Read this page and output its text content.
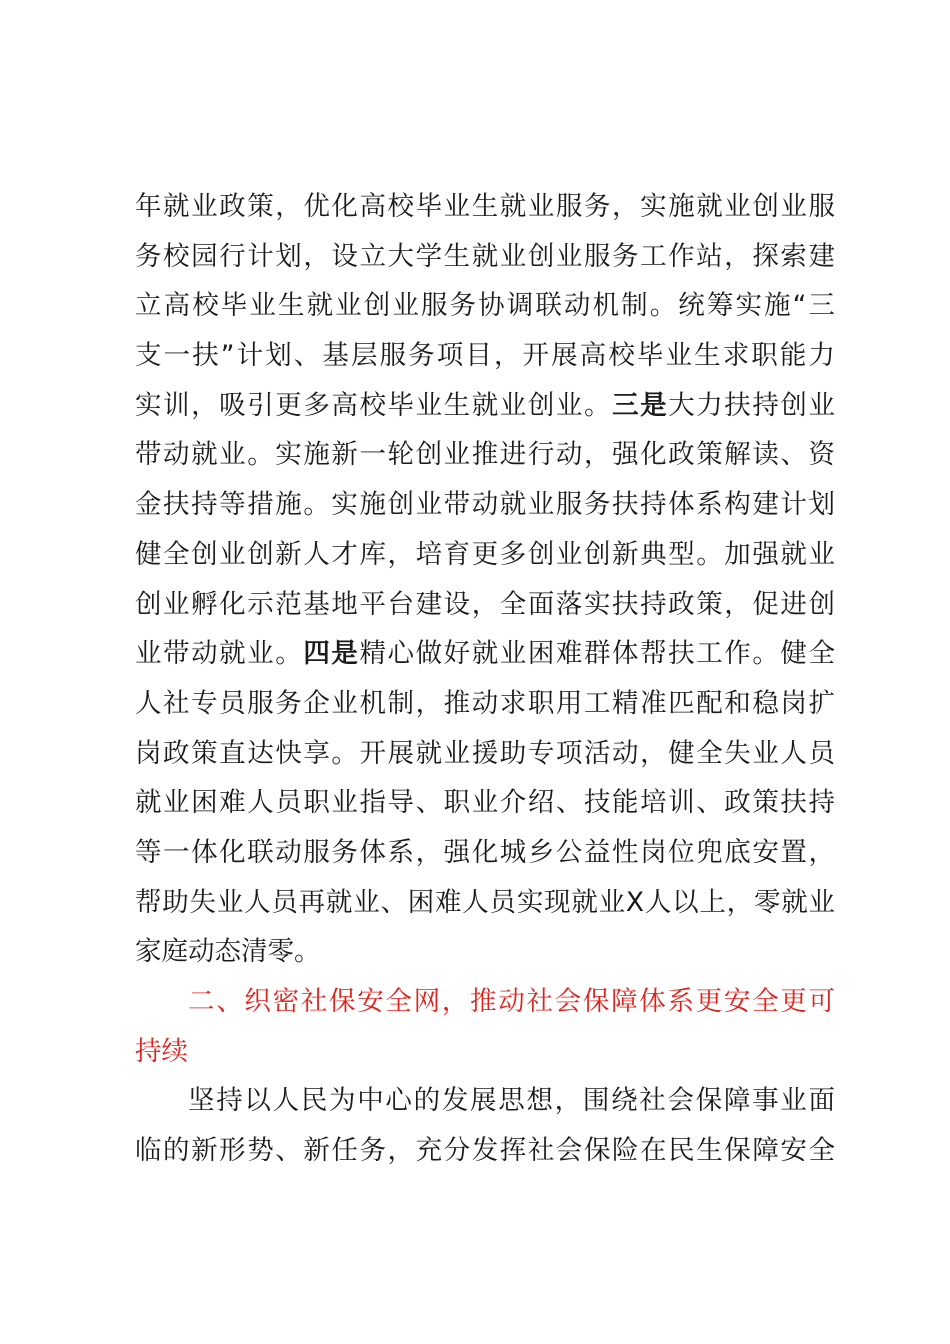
年就业政策，优化高校毕业生就业服务，实施就业创业服
务校园行计划，设立大学生就业创业服务工作站，探索建
立高校毕业生就业创业服务协调联动机制。统筹实施“三
支一扶”计划、基层服务项目，开展高校毕业生求职能力
实训，吸引更多高校毕业生就业创业。三是大力扶持创业
带动就业。实施新一轮创业推进行动，强化政策解读、资
金扶持等措施。实施创业带动就业服务扶持体系构建计划
健全创业创新人才库，培育更多创业创新典型。加强就业
创业孵化示范基地平台建设，全面落实扶持政策，促进创
业带动就业。四是精心做好就业困难群体帮扶工作。健全
人社专员服务企业机制，推动求职用工精准匹配和稳岗扩
岗政策直达快享。开展就业援助专项活动，健全失业人员
就业困难人员职业指导、职业介绍、技能培训、政策扶持
等一体化联动服务体系，强化城乡公益性岗位兜底安置，
帮助失业人员再就业、困难人员实现就业X人以上，零就业
家庭动态清零。
二、织密社保安全网，推动社会保障体系更安全更可
持续
坚持以人民为中心的发展思想，围绕社会保障事业面
临的新形势、新任务，充分发挥社会保险在民生保障安全
